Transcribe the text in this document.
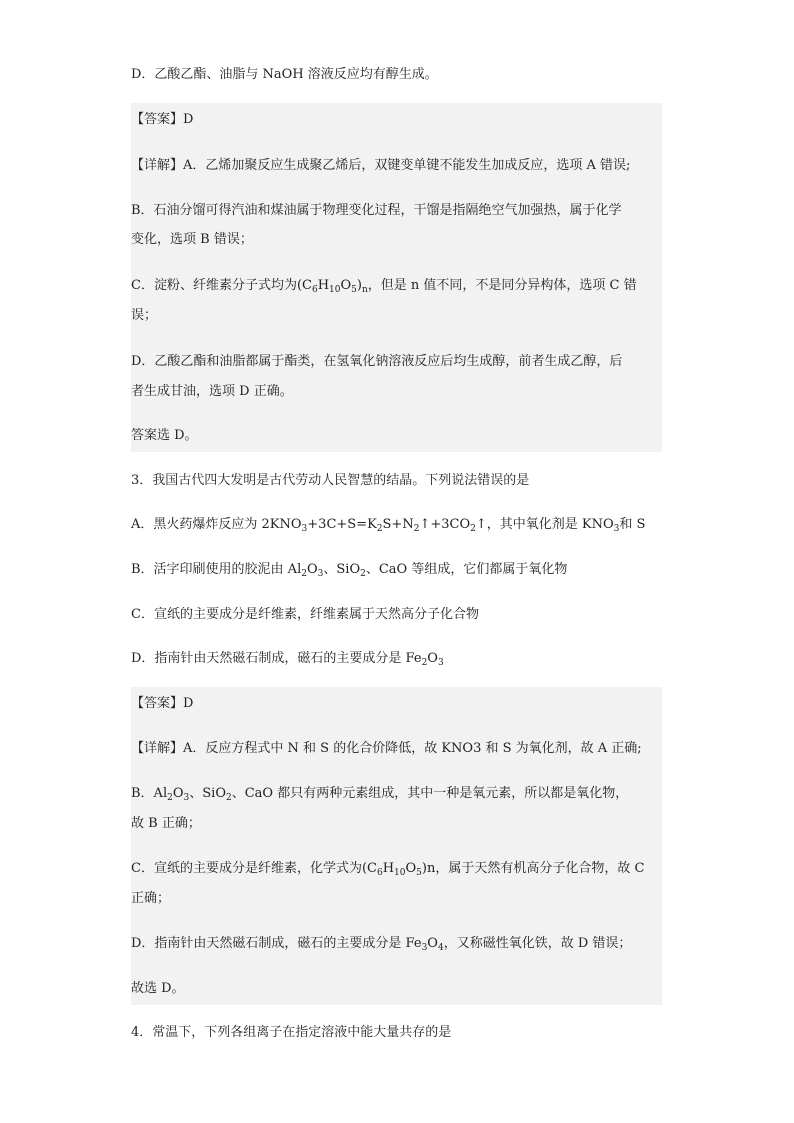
D．乙酸乙酯、油脂与 NaOH 溶液反应均有醇生成。
【答案】D
【详解】A．乙烯加聚反应生成聚乙烯后，双键变单键不能发生加成反应，选项 A 错误;
B．石油分馏可得汽油和煤油属于物理变化过程，干馏是指隔绝空气加强热，属于化学
变化，选项 B 错误；
C．淀粉、纤维素分子式均为$(C_6H_{10}O_5)_n$，但是 n 值不同，不是同分异构体，选项 C 错
误；
D．乙酸乙酯和油脂都属于酯类，在氢氧化钠溶液反应后均生成醇，前者生成乙醇，后
者生成甘油，选项 D 正确。
答案选 D。
3．我国古代四大发明是古代劳动人民智慧的结晶。下列说法错误的是
A．黑火药爆炸反应为 $2KNO_3+3C+S=K_2S+N_2↑+3CO_2↑$，其中氧化剂是 $KNO_3$和 S
B．活字印刷使用的胶泥由 $Al_2O_3$、SiO$_2$、CaO 等组成，它们都属于氧化物
C．宣纸的主要成分是纤维素，纤维素属于天然高分子化合物
D．指南针由天然磁石制成，磁石的主要成分是 $Fe_2O_3$
【答案】D
【详解】A．反应方程式中 N 和 S 的化合价降低，故 KNO3 和 S 为氧化剂，故 A 正确;
B．$Al_2O_3$、SiO$_2$、CaO 都只有两种元素组成，其中一种是氧元素，所以都是氧化物，
故 B 正确；
C．宣纸的主要成分是纤维素，化学式为$(C_6H_{10}O_5)n$，属于天然有机高分子化合物，故 C
正确；
D．指南针由天然磁石制成，磁石的主要成分是 $Fe_3O_4$，又称磁性氧化铁，故 D 错误；
故选 D。
4．常温下，下列各组离子在指定溶液中能大量共存的是
